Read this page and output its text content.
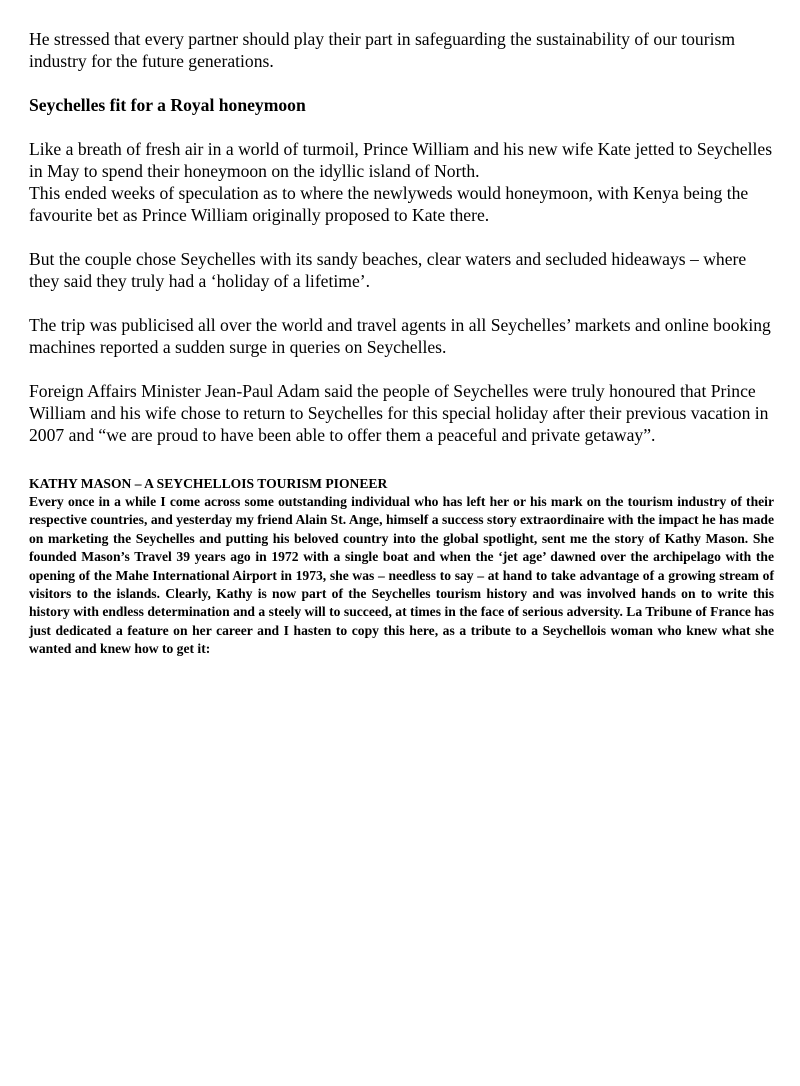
He stressed that every partner should play their part in safeguarding the sustainability of our tourism industry for the future generations.

Seychelles fit for a Royal honeymoon

Like a breath of fresh air in a world of turmoil, Prince William and his new wife Kate jetted to Seychelles in May to spend their honeymoon on the idyllic island of North.

This ended weeks of speculation as to where the newlyweds would honeymoon, with Kenya being the favourite bet as Prince William originally proposed to Kate there.

But the couple chose Seychelles with its sandy beaches, clear waters and secluded hideaways – where they said they truly had a ‘holiday of a lifetime’.

The trip was publicised all over the world and travel agents in all Seychelles’ markets and online booking machines reported a sudden surge in queries on Seychelles.

Foreign Affairs Minister Jean-Paul Adam said the people of Seychelles were truly honoured that Prince William and his wife chose to return to Seychelles for this special holiday after their previous vacation in 2007 and “we are proud to have been able to offer them a peaceful and private getaway”.

KATHY MASON – A SEYCHELLOIS TOURISM PIONEER

Every once in a while I come across some outstanding individual who has left her or his mark on the tourism industry of their respective countries, and yesterday my friend Alain St. Ange, himself a success story extraordinaire with the impact he has made on marketing the Seychelles and putting his beloved country into the global spotlight, sent me the story of Kathy Mason. She founded Mason’s Travel 39 years ago in 1972 with a single boat and when the ‘jet age’ dawned over the archipelago with the opening of the Mahe International Airport in 1973, she was – needless to say – at hand to take advantage of a growing stream of visitors to the islands. Clearly, Kathy is now part of the Seychelles tourism history and was involved hands on to write this history with endless determination and a steely will to succeed, at times in the face of serious adversity. La Tribune of France has just dedicated a feature on her career and I hasten to copy this here, as a tribute to a Seychellois woman who knew what she wanted and knew how to get it:
